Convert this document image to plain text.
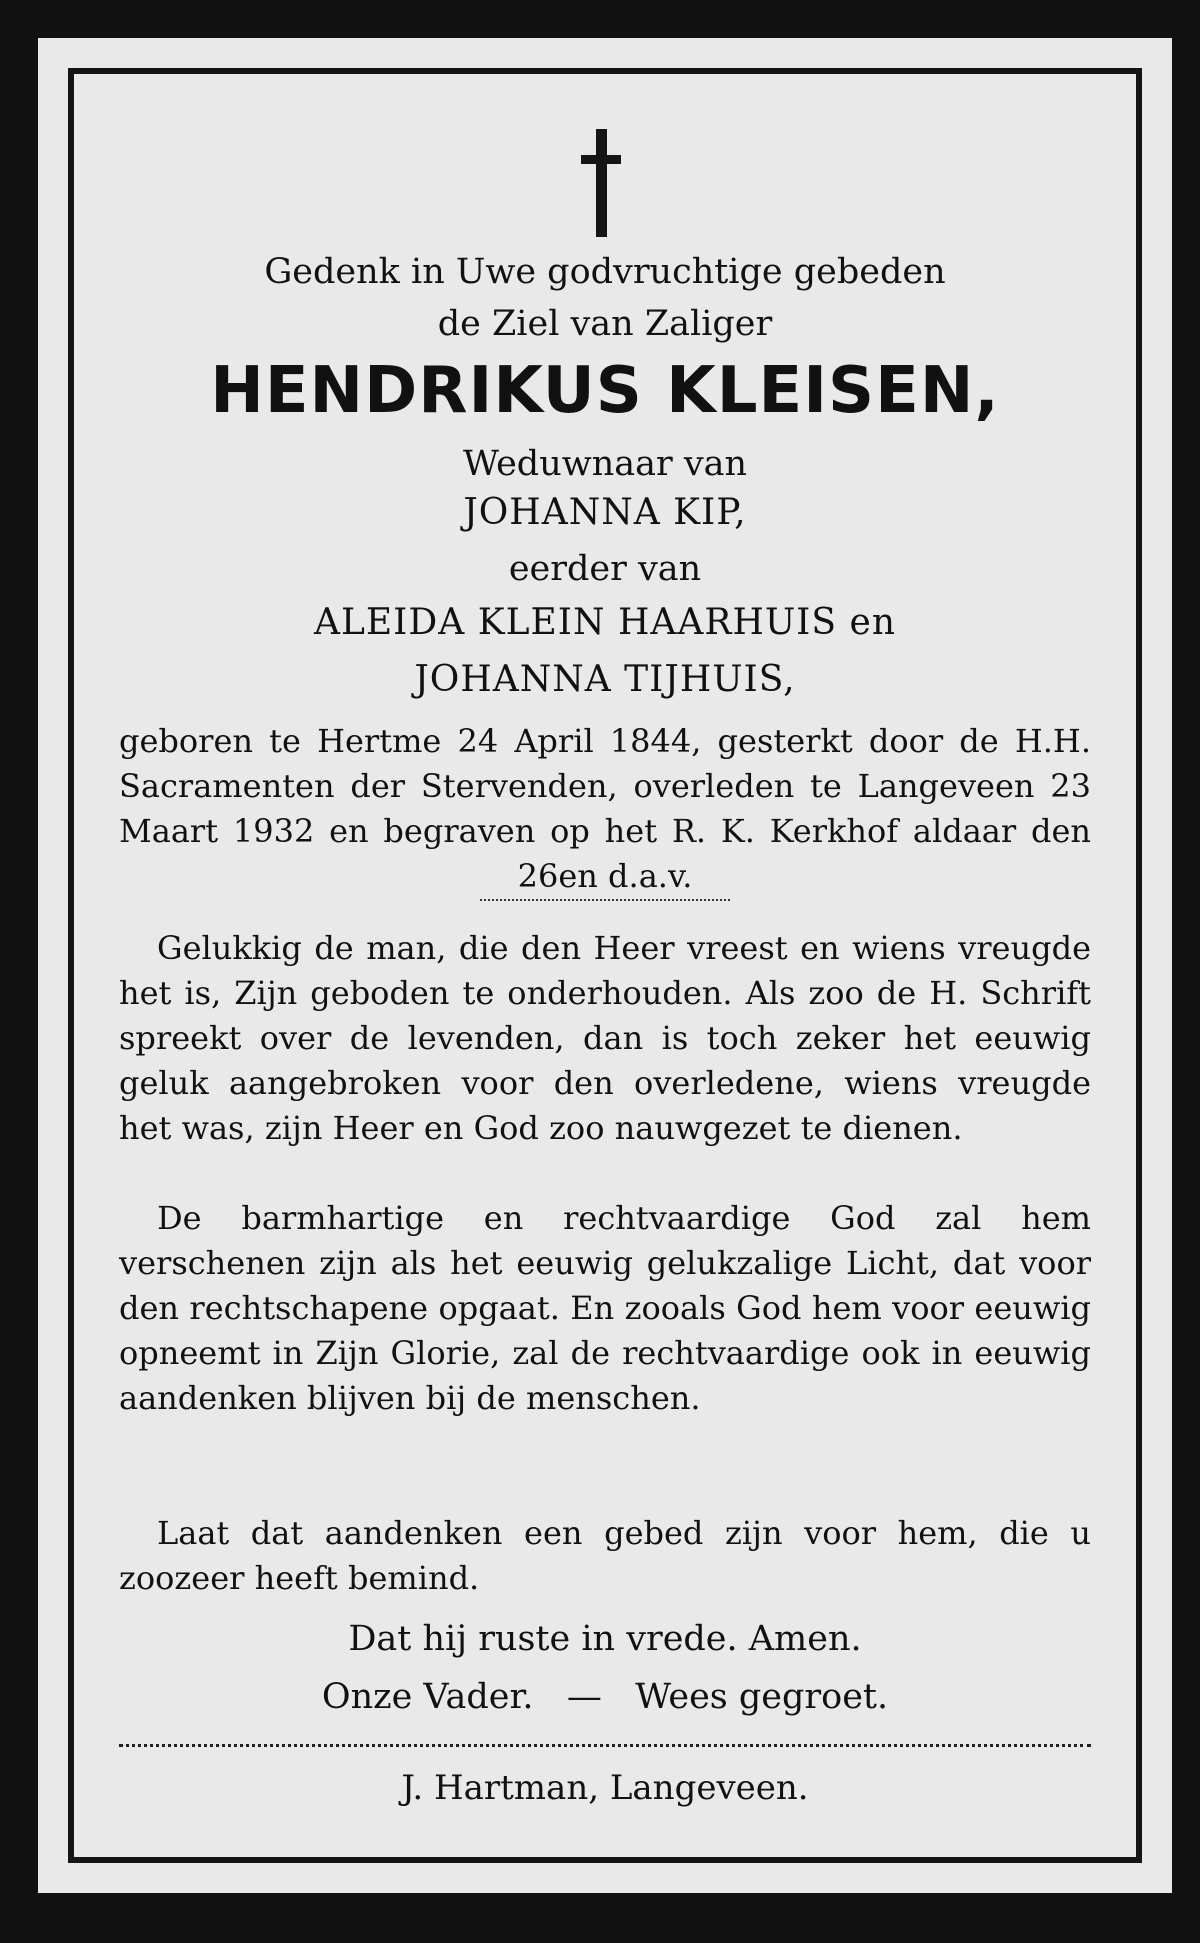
Gedenk in Uwe godvruchtige gebeden
de Ziel van Zaliger
HENDRIKUS KLEISEN,
Weduwnaar van
JOHANNA KIP,
eerder van
ALEIDA KLEIN HAARHUIS en
JOHANNA TIJHUIS,
geboren te Hertme 24 April 1844, gesterkt door de H.H. Sacramenten der Stervenden, overleden te Langeveen 23 Maart 1932 en begraven op het R. K. Kerkhof aldaar den 26en d.a.v.
Gelukkig de man, die den Heer vreest en wiens vreugde het is, Zijn geboden te onderhouden. Als zoo de H. Schrift spreekt over de levenden, dan is toch zeker het eeuwig geluk aangebroken voor den overledene, wiens vreugde het was, zijn Heer en God zoo nauwgezet te dienen.
De barmhartige en rechtvaardige God zal hem verschenen zijn als het eeuwig gelukzalige Licht, dat voor den rechtschapene opgaat. En zooals God hem voor eeuwig opneemt in Zijn Glorie, zal de rechtvaardige ook in eeuwig aandenken blijven bij de menschen.
Laat dat aandenken een gebed zijn voor hem, die u zoozeer heeft bemind.
Dat hij ruste in vrede. Amen.
Onze Vader.   —   Wees gegroet.
J. Hartman, Langeveen.
